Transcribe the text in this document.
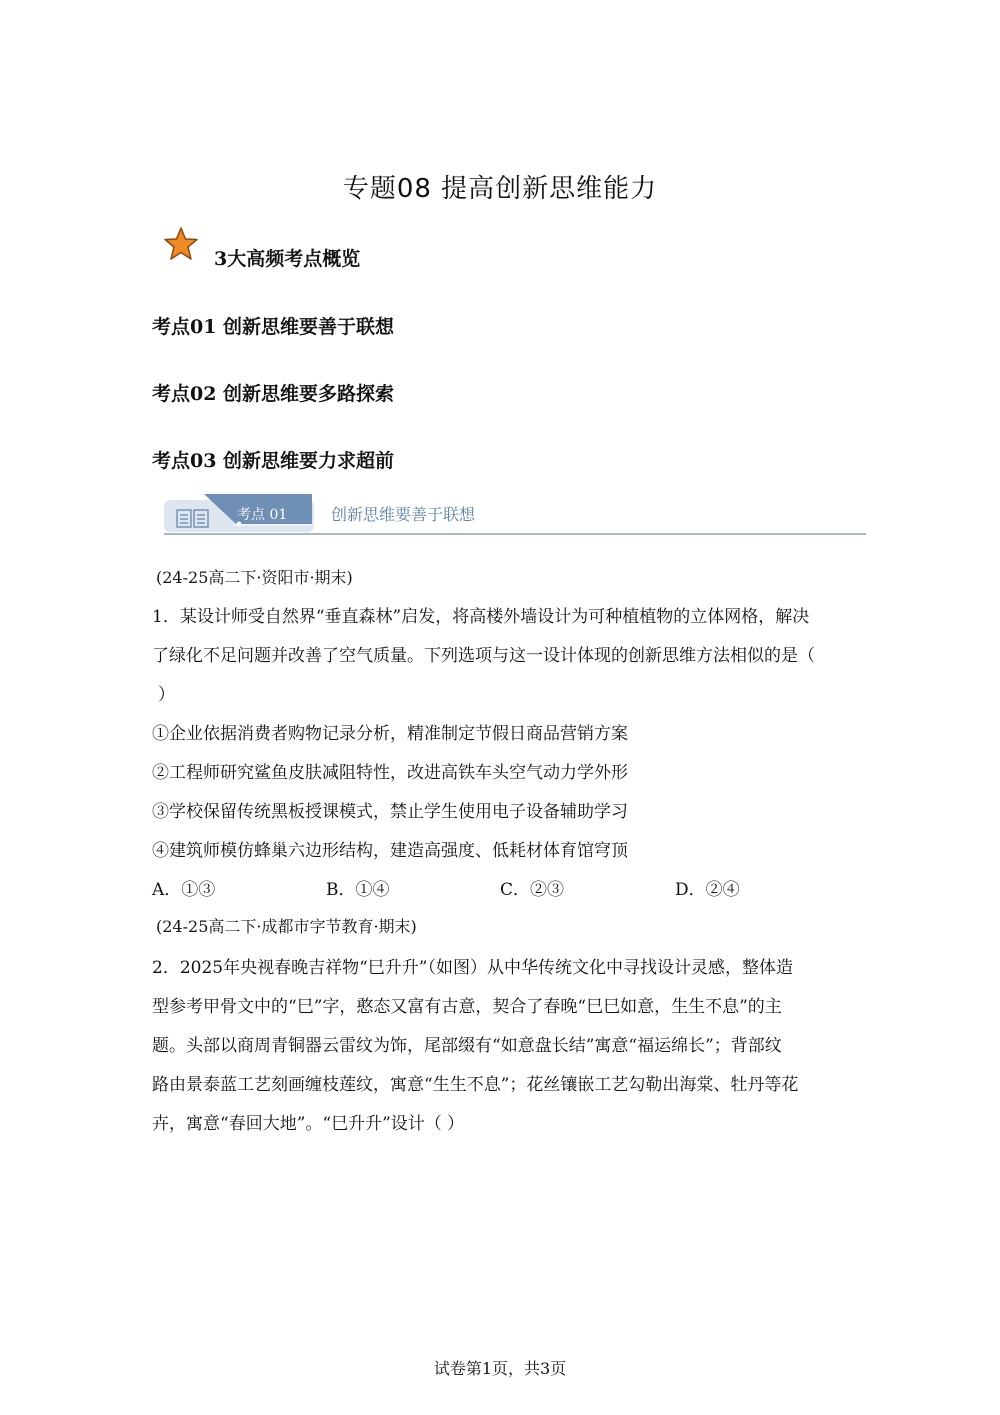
专题08 提高创新思维能力
3大高频考点概览
考点01 创新思维要善于联想
考点02 创新思维要多路探索
考点03 创新思维要力求超前
考点 01	创新思维要善于联想
(24-25高二下·资阳市·期末)
1．某设计师受自然界“垂直森林”启发，将高楼外墙设计为可种植植物的立体网格，解决
了绿化不足问题并改善了空气质量。下列选项与这一设计体现的创新思维方法相似的是（
）
①企业依据消费者购物记录分析，精准制定节假日商品营销方案
②工程师研究鲨鱼皮肤减阻特性，改进高铁车头空气动力学外形
③学校保留传统黑板授课模式，禁止学生使用电子设备辅助学习
④建筑师模仿蜂巢六边形结构，建造高强度、低耗材体育馆穹顶
A．①③	B．①④	C．②③	D．②④
(24-25高二下·成都市字节教育·期末)
2．2025年央视春晚吉祥物“巳升升”（如图）从中华传统文化中寻找设计灵感，整体造
型参考甲骨文中的“巳”字，憨态又富有古意，契合了春晚“巳巳如意，生生不息”的主
题。头部以商周青铜器云雷纹为饰，尾部缀有“如意盘长结”寓意“福运绵长”；背部纹
路由景泰蓝工艺刻画缠枝莲纹，寓意“生生不息”；花丝镶嵌工艺勾勒出海棠、牡丹等花
卉，寓意“春回大地”。“巳升升”设计（ ）
试卷第1页，共3页
